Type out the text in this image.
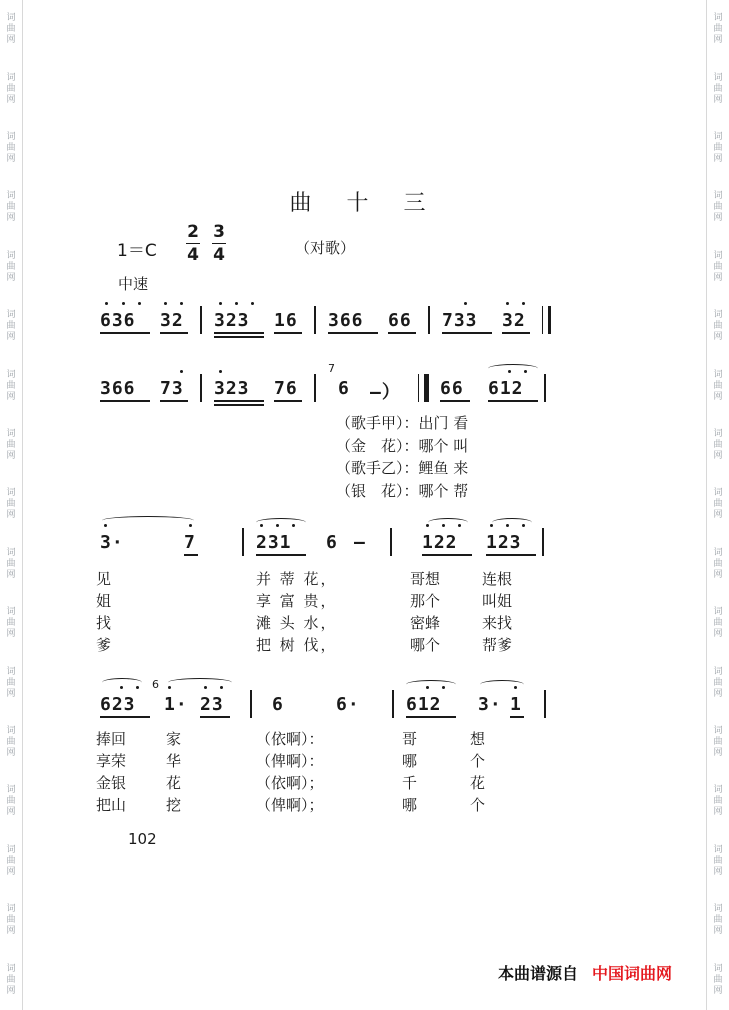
词
曲
网
词
曲
网
词
曲
网
词
曲
网
词
曲
网
词
曲
网
词
曲
网
词
曲
网
词
曲
网
词
曲
网
词
曲
网
词
曲
网
词
曲
网
词
曲
网
词
曲
网
词
曲
网
词
曲
网
词
曲
网
词
曲
网
词
曲
网
词
曲
网
词
曲
网
词
曲
网
词
曲
网
词
曲
网
词
曲
网
词
曲
网
词
曲
网
词
曲
网
词
曲
网
词
曲
网
词
曲
网
词
曲
网
词
曲
网
曲 十 三
$1=C \frac{2}{4} \frac{3}{4}$	（对歌）
中速
636 32 323 16 366 66 733 32
366 73 323 76
7
6 —） 66 612
（歌手甲）：出门 看
（金　花）：哪个 叫
（歌手乙）：鲤鱼 来
（银　花）：哪个 帮
3·	7	231 6 —	122 123
见	并 蒂 花，	哥想	连根
姐	享 富 贵，	那个	叫姐
找	滩 头 水，	密蜂	来找
爹	把 树 伐，	哪个	帮爹
623
6
1· 23	6	6·	612 3· 1
捧回	家	（依啊）：	哥	想
享荣	华	（俾啊）：	哪	个
金银	花	（依啊）；	千	花
把山	挖	（俾啊）；	哪	个
102
本曲谱源自 中国词曲网
